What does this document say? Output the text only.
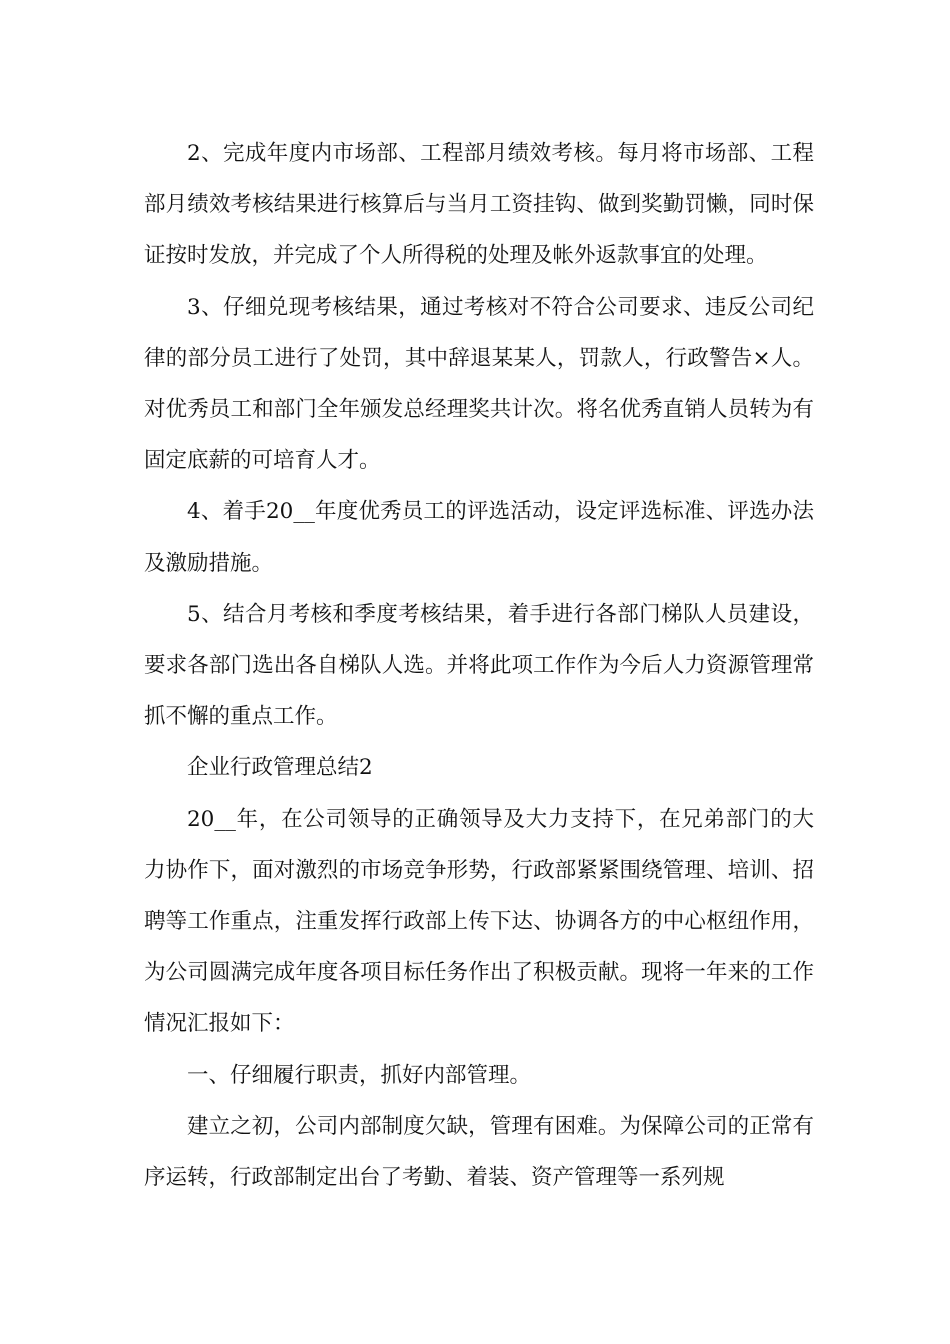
2、完成年度内市场部、工程部月绩效考核。每月将市场部、工程部月绩效考核结果进行核算后与当月工资挂钩、做到奖勤罚懒，同时保证按时发放，并完成了个人所得税的处理及帐外返款事宜的处理。

3、仔细兑现考核结果，通过考核对不符合公司要求、违反公司纪律的部分员工进行了处罚，其中辞退某某人，罚款人，行政警告×人。对优秀员工和部门全年颁发总经理奖共计次。将名优秀直销人员转为有固定底薪的可培育人才。

4、着手20__年度优秀员工的评选活动，设定评选标准、评选办法及激励措施。

5、结合月考核和季度考核结果，着手进行各部门梯队人员建设，要求各部门选出各自梯队人选。并将此项工作作为今后人力资源管理常抓不懈的重点工作。

企业行政管理总结2

20__年，在公司领导的正确领导及大力支持下，在兄弟部门的大力协作下，面对激烈的市场竞争形势，行政部紧紧围绕管理、培训、招聘等工作重点，注重发挥行政部上传下达、协调各方的中心枢纽作用，为公司圆满完成年度各项目标任务作出了积极贡献。现将一年来的工作情况汇报如下：

一、仔细履行职责，抓好内部管理。

建立之初，公司内部制度欠缺，管理有困难。为保障公司的正常有序运转，行政部制定出台了考勤、着装、资产管理等一系列规
